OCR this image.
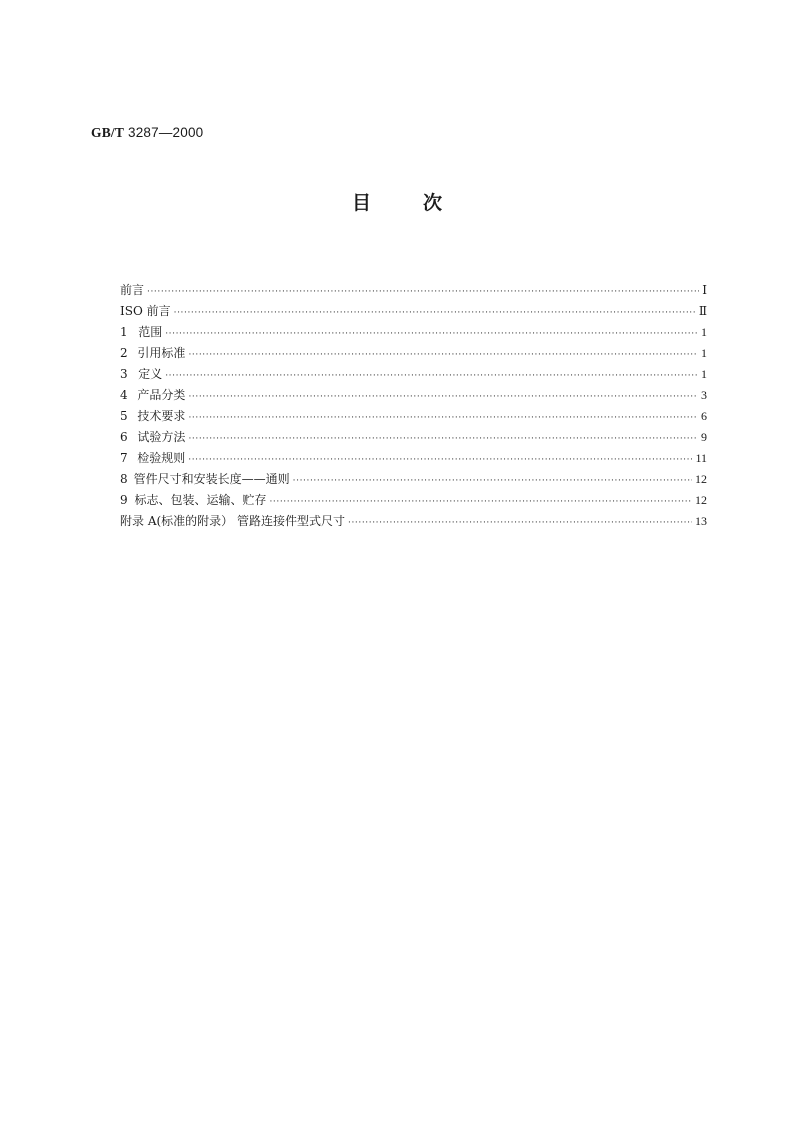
GB/T 3287—2000
目	次
前言 ·····	Ⅰ
ISO 前言 ·····	Ⅱ
1 范围 ·····	1
2 引用标准 ·····	1
3 定义 ·····	1
4 产品分类 ·····	3
5 技术要求 ·····	6
6 试验方法 ·····	9
7 检验规则 ·····	11
8 管件尺寸和安装长度——通则 ·····	12
9 标志、包装、运输、贮存 ·····	12
附录 A(标准的附录） 管路连接件型式尺寸 ·····	13
